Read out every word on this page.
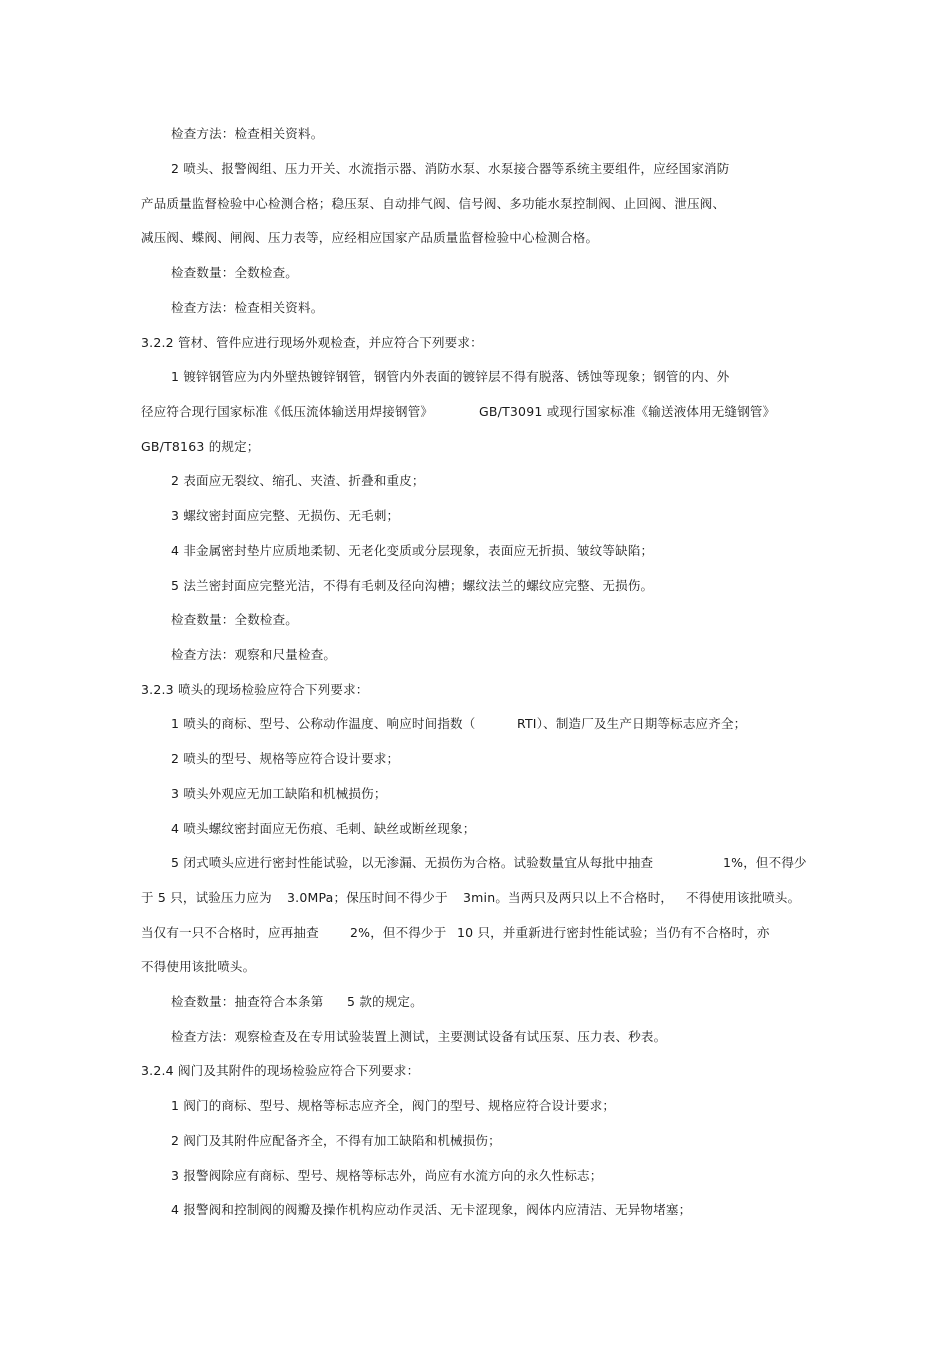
检查方法：检查相关资料。
2 喷头、报警阀组、压力开关、水流指示器、消防水泵、水泵接合器等系统主要组件，应经国家消防
产品质量监督检验中心检测合格；稳压泵、自动排气阀、信号阀、多功能水泵控制阀、止回阀、泄压阀、
减压阀、蝶阀、闸阀、压力表等，应经相应国家产品质量监督检验中心检测合格。
检查数量：全数检查。
检查方法：检查相关资料。
3.2.2 管材、管件应进行现场外观检查，并应符合下列要求：
1 镀锌钢管应为内外壁热镀锌钢管，钢管内外表面的镀锌层不得有脱落、锈蚀等现象；钢管的内、外
径应符合现行国家标准《低压流体输送用焊接钢管》	GB/T3091 或现行国家标准《输送液体用无缝钢管》
GB/T8163 的规定；
2 表面应无裂纹、缩孔、夹渣、折叠和重皮；
3 螺纹密封面应完整、无损伤、无毛刺；
4 非金属密封垫片应质地柔韧、无老化变质或分层现象，表面应无折损、皱纹等缺陷；
5 法兰密封面应完整光洁，不得有毛刺及径向沟槽；螺纹法兰的螺纹应完整、无损伤。
检查数量：全数检查。
检查方法：观察和尺量检查。
3.2.3 喷头的现场检验应符合下列要求：
1 喷头的商标、型号、公称动作温度、响应时间指数（	RTI）、制造厂及生产日期等标志应齐全；
2 喷头的型号、规格等应符合设计要求；
3 喷头外观应无加工缺陷和机械损伤；
4 喷头螺纹密封面应无伤痕、毛刺、缺丝或断丝现象；
5 闭式喷头应进行密封性能试验，以无渗漏、无损伤为合格。试验数量宜从每批中抽查	1%，但不得少
于 5 只，试验压力应为 3.0MPa；保压时间不得少于 3min。当两只及两只以上不合格时， 不得使用该批喷头。
当仅有一只不合格时，应再抽查 2%，但不得少于 10 只，并重新进行密封性能试验；当仍有不合格时，亦
不得使用该批喷头。
检查数量：抽查符合本条第 5 款的规定。
检查方法：观察检查及在专用试验装置上测试，主要测试设备有试压泵、压力表、秒表。
3.2.4 阀门及其附件的现场检验应符合下列要求：
1 阀门的商标、型号、规格等标志应齐全，阀门的型号、规格应符合设计要求；
2 阀门及其附件应配备齐全，不得有加工缺陷和机械损伤；
3 报警阀除应有商标、型号、规格等标志外，尚应有水流方向的永久性标志；
4 报警阀和控制阀的阀瓣及操作机构应动作灵活、无卡涩现象，阀体内应清洁、无异物堵塞；
